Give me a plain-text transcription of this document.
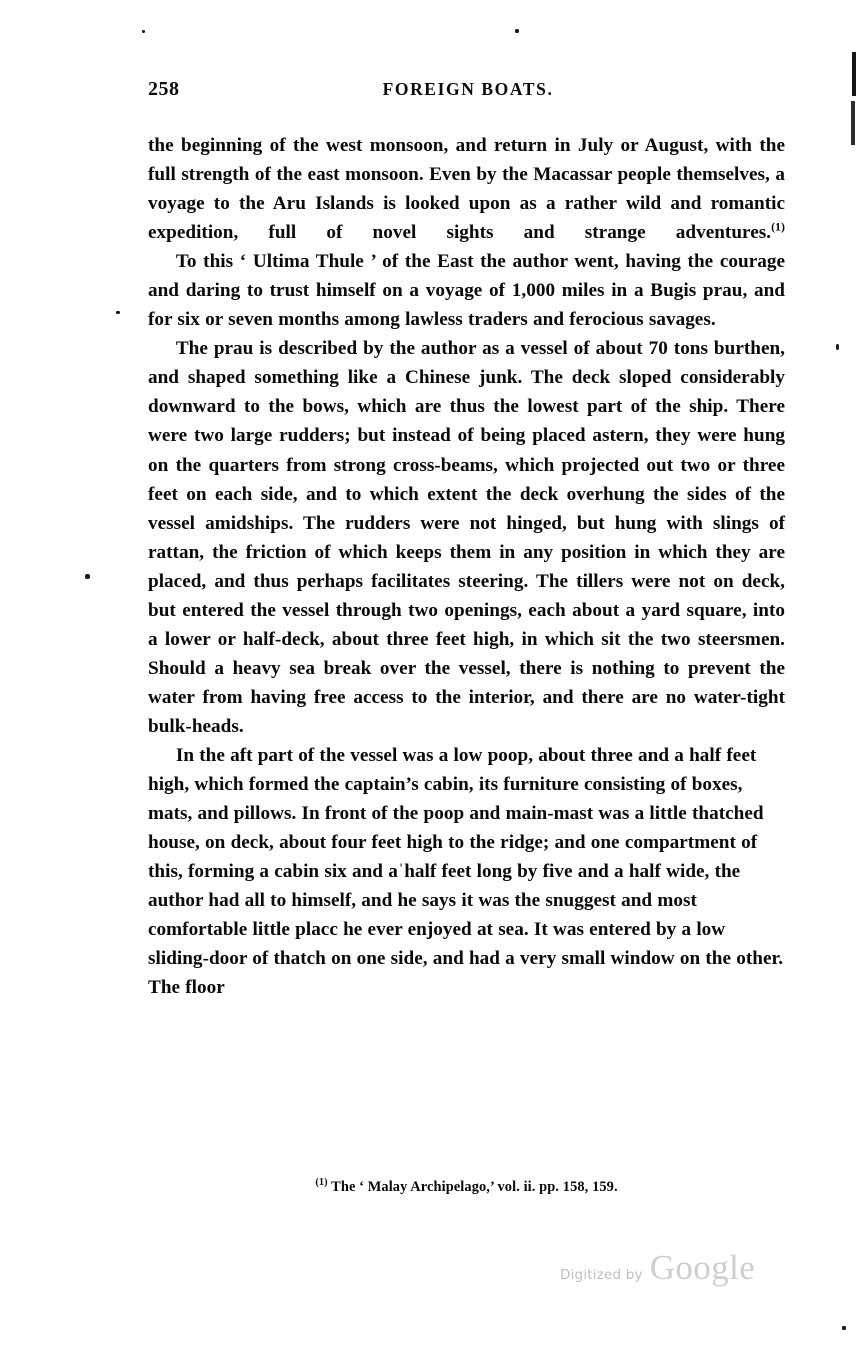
258	FOREIGN BOATS.

the beginning of the west monsoon, and return in July or August, with the full strength of the east monsoon. Even by the Macassar people themselves, a voyage to the Aru Islands is looked upon as a rather wild and romantic expedition, full of novel sights and strange adventures.$^{(1)}$

To this ‘ Ultima Thule ’ of the East the author went, having the courage and daring to trust himself on a voyage of 1,000 miles in a Bugis prau, and for six or seven months among lawless traders and ferocious savages.

The prau is described by the author as a vessel of about 70 tons burthen, and shaped something like a Chinese junk. The deck sloped considerably downward to the bows, which are thus the lowest part of the ship. There were two large rudders; but instead of being placed astern, they were hung on the quarters from strong cross-beams, which projected out two or three feet on each side, and to which extent the deck overhung the sides of the vessel amidships. The rudders were not hinged, but hung with slings of rattan, the friction of which keeps them in any position in which they are placed, and thus perhaps facilitates steering. The tillers were not on deck, but entered the vessel through two openings, each about a yard square, into a lower or half-deck, about three feet high, in which sit the two steersmen. Should a heavy sea break over the vessel, there is nothing to prevent the water from having free access to the interior, and there are no water-tight bulk-heads.

In the aft part of the vessel was a low poop, about three and a half feet high, which formed the captain’s cabin, its furniture consisting of boxes, mats, and pillows. In front of the poop and main-mast was a little thatched house, on deck, about four feet high to the ridge; and one compartment of this, forming a cabin six and aˈhalf feet long by five and a half wide, the author had all to himself, and he says it was the snuggest and most comfortable little placc he ever enjoyed at sea. It was entered by a low sliding-door of thatch on one side, and had a very small window on the other. The floor

$^{(1)}$ The ‘ Malay Archipelago,’ vol. ii. pp. 158, 159.
Digitized by Google
